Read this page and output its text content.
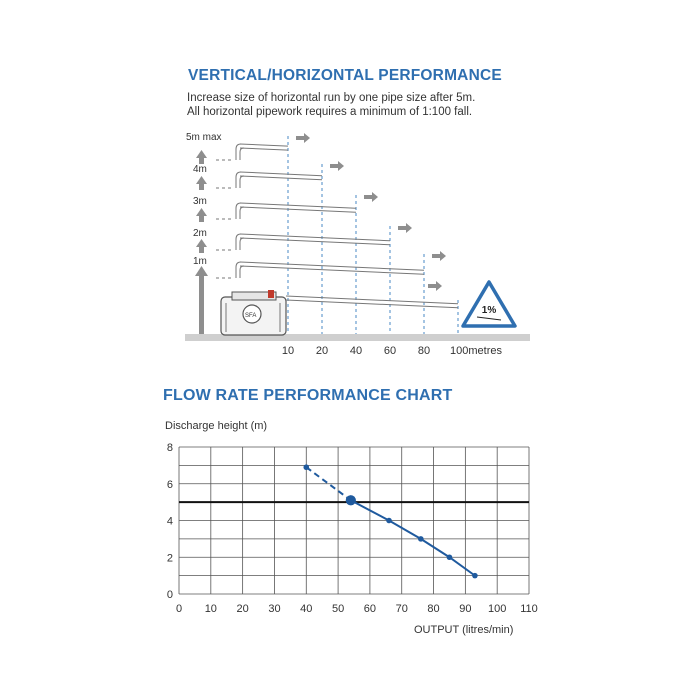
VERTICAL/HORIZONTAL PERFORMANCE
Increase size of horizontal run by one pipe size after 5m.
All horizontal pipework requires a minimum of 1:100 fall.
5m max
4m
3m
2m
1m
SFA
10 20 40 60 80 100metres
1%
0 10 20 30 40 50 60 70 80 90 100 110
0
2
4
6
8
FLOW RATE PERFORMANCE CHART
Discharge height (m)
OUTPUT (litres/min)
